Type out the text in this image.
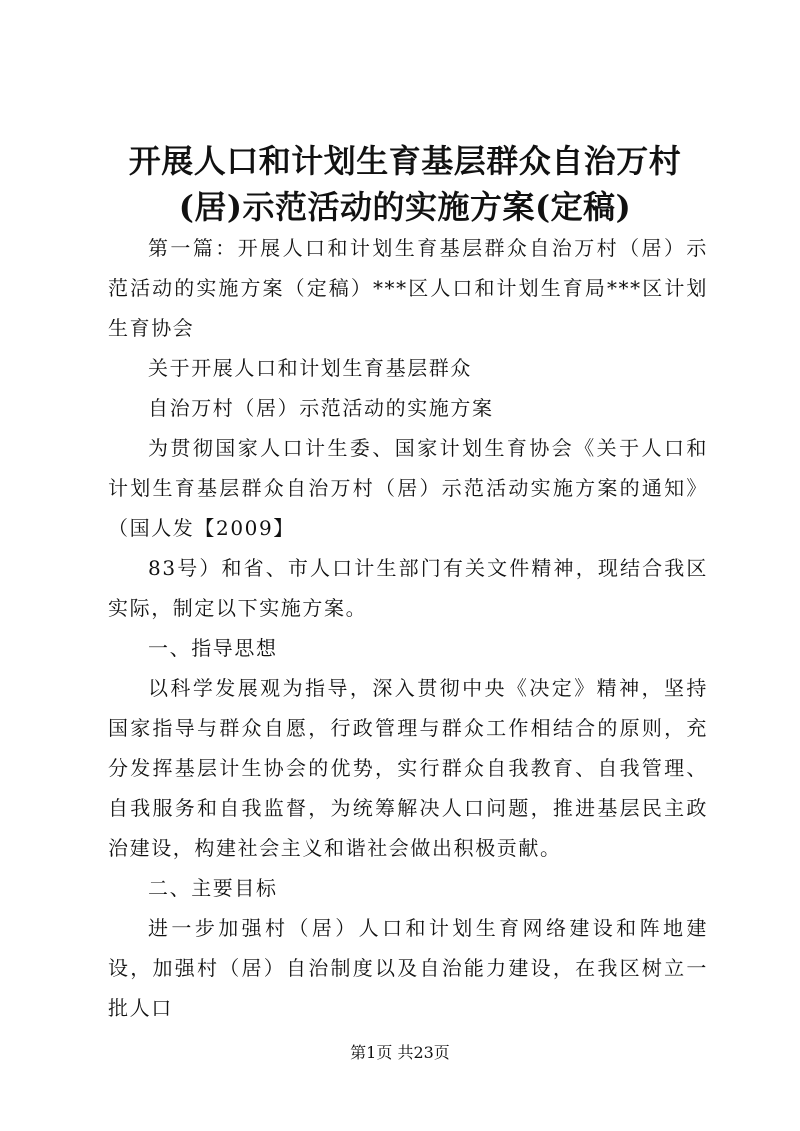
开展人口和计划生育基层群众自治万村(居)示范活动的实施方案(定稿)

第一篇：开展人口和计划生育基层群众自治万村（居）示范活动的实施方案（定稿）***区人口和计划生育局***区计划生育协会

关于开展人口和计划生育基层群众

自治万村（居）示范活动的实施方案

为贯彻国家人口计生委、国家计划生育协会《关于人口和计划生育基层群众自治万村（居）示范活动实施方案的通知》（国人发【2009】

83号）和省、市人口计生部门有关文件精神，现结合我区实际，制定以下实施方案。

一、指导思想

以科学发展观为指导，深入贯彻中央《决定》精神，坚持国家指导与群众自愿，行政管理与群众工作相结合的原则，充分发挥基层计生协会的优势，实行群众自我教育、自我管理、自我服务和自我监督，为统筹解决人口问题，推进基层民主政治建设，构建社会主义和谐社会做出积极贡献。

二、主要目标

进一步加强村（居）人口和计划生育网络建设和阵地建设，加强村（居）自治制度以及自治能力建设，在我区树立一批人口

第1页 共23页
